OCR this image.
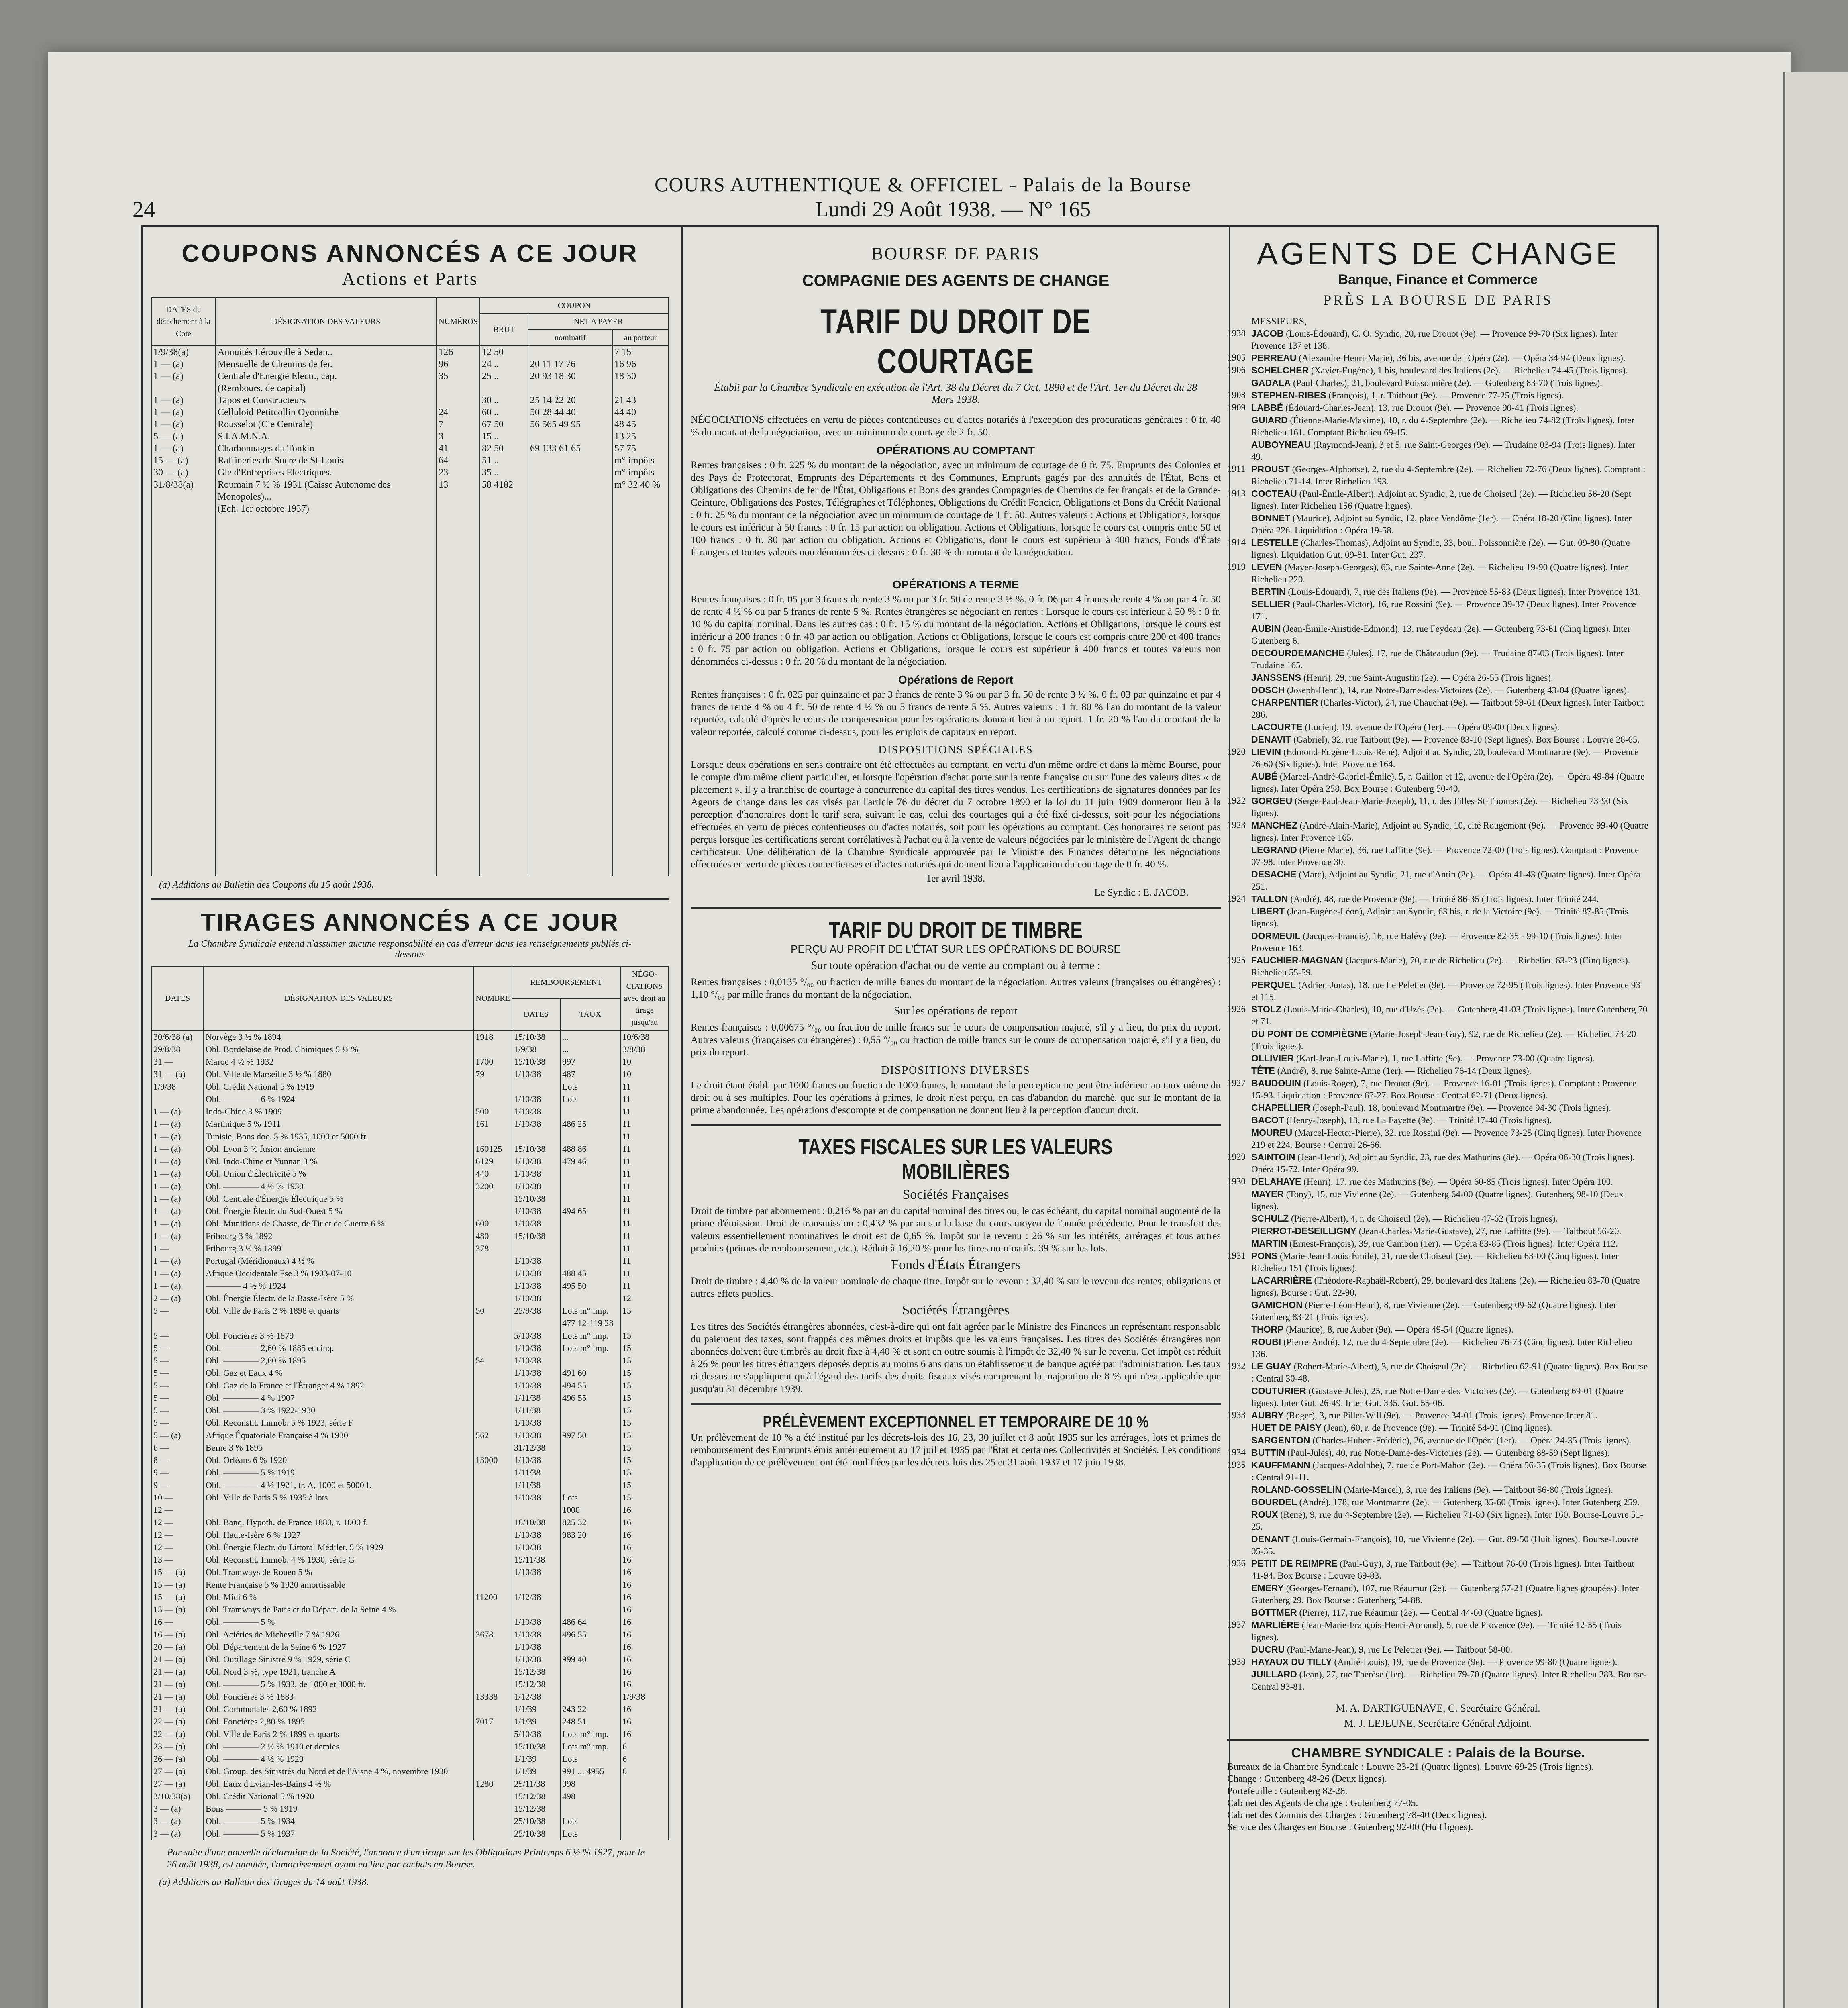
24
COURS AUTHENTIQUE & OFFICIEL - Palais de la Bourse
Lundi 29 Août 1938. — N° 165
COUPONS ANNONCÉS A CE JOUR
Actions et Parts
DATES du détachement à la Cote	DÉSIGNATION DES VALEURS	NUMÉROS	COUPON		
			BRUT	NET A PAYER	
				nominatif	au porteur
1/9/38(a)	Annuités Lérouville à Sedan..	126	12 50		7 15
1 — (a)	Mensuelle de Chemins de fer.	96	24 ..	20 11 17 76	16 96
1 — (a)	Centrale d'Energie Electr., cap.	35	25 ..	20 93 18 30	18 30
	(Rembours. de capital)				
1 — (a)	Tapos et Constructeurs		30 ..	25 14 22 20	21 43
1 — (a)	Celluloid Petitcollin Oyonnithe	24	60 ..	50 28 44 40	44 40
1 — (a)	Rousselot (Cie Centrale)	7	67 50	56 565 49 95	48 45
5 — (a)	S.I.A.M.N.A.	3	15 ..		13 25
1 — (a)	Charbonnages du Tonkin	41	82 50	69 133 61 65	57 75
15 — (a)	Raffineries de Sucre de St-Louis	64	51 ..		m° impôts
30 — (a)	Gle d'Entreprises Electriques.	23	35 ..		m° impôts

31/8/38(a)	Roumain 7 ½ % 1931 (Caisse Autonome des Monopoles)...	13	58 4182		m° 32 40 %
	(Ech. 1er octobre 1937)				

(a) Additions au Bulletin des Coupons du 15 août 1938.
TIRAGES ANNONCÉS A CE JOUR
La Chambre Syndicale entend n'assumer aucune responsabilité en cas d'erreur dans les renseignements publiés ci-dessous
DATES	DÉSIGNATION DES VALEURS	NOMBRE	REMBOURSEMENT		NÉGO-CIATIONS avec droit au tirage jusqu'au
			DATES	TAUX	
30/6/38 (a)	Norvège 3 ½ % 1894	1918	15/10/38	...	10/6/38
29/8/38	Obl. Bordelaise de Prod. Chimiques 5 ½ %		1/9/38	...	3/8/38
31 —	Maroc 4 ½ % 1932	1700	15/10/38	997	10
31 — (a)	Obl. Ville de Marseille 3 ½ % 1880	79	1/10/38	487	10
1/9/38	Obl. Crédit National 5 % 1919			Lots	11
	Obl. ———— 6 % 1924		1/10/38	Lots	11
1 — (a)	Indo-Chine 3 % 1909	500	1/10/38		11
1 — (a)	Martinique 5 % 1911	161	1/10/38	486 25	11
1 — (a)	Tunisie, Bons doc. 5 % 1935, 1000 et 5000 fr.				11
1 — (a)	Obl. Lyon 3 % fusion ancienne	160125	15/10/38	488 86	11
1 — (a)	Obl. Indo-Chine et Yunnan 3 %	6129	1/10/38	479 46	11
1 — (a)	Obl. Union d'Électricité 5 %	440	1/10/38		11
1 — (a)	Obl. ———— 4 ½ % 1930	3200	1/10/38		11
1 — (a)	Obl. Centrale d'Énergie Électrique 5 %		15/10/38		11
1 — (a)	Obl. Énergie Électr. du Sud-Ouest 5 %		1/10/38	494 65	11
1 — (a)	Obl. Munitions de Chasse, de Tir et de Guerre 6 %	600	1/10/38		11
1 — (a)	Fribourg 3 % 1892	480	15/10/38		11
1 —	Fribourg 3 ½ % 1899	378			11
1 — (a)	Portugal (Méridionaux) 4 ½ %		1/10/38		11
1 — (a)	Afrique Occidentale Fse 3 % 1903-07-10		1/10/38	488 45	11
1 — (a)	———— 4 ½ % 1924		1/10/38	495 50	11
2 — (a)	Obl. Énergie Électr. de la Basse-Isère 5 %		1/10/38		12
5 —	Obl. Ville de Paris 2 % 1898 et quarts	50	25/9/38	Lots m° imp.	15
				477 12-119 28	
5 —	Obl. Foncières 3 % 1879		5/10/38	Lots m° imp.	15
5 —	Obl. ———— 2,60 % 1885 et cinq.		1/10/38	Lots m° imp.	15
5 —	Obl. ———— 2,60 % 1895	54	1/10/38		15
5 —	Obl. Gaz et Eaux 4 %		1/10/38	491 60	15
5 —	Obl. Gaz de la France et l'Étranger 4 % 1892		1/10/38	494 55	15
5 —	Obl. ———— 4 % 1907		1/11/38	496 55	15
5 —	Obl. ———— 3 % 1922-1930		1/11/38		15
5 —	Obl. Reconstit. Immob. 5 % 1923, série F		1/10/38		15
5 — (a)	Afrique Équatoriale Française 4 % 1930	562	1/10/38	997 50	15
6 —	Berne 3 % 1895		31/12/38		15
8 —	Obl. Orléans 6 % 1920	13000	1/10/38		15
9 —	Obl. ———— 5 % 1919		1/11/38		15
9 —	Obl. ———— 4 ½ 1921, tr. A, 1000 et 5000 f.		1/11/38		15
10 —	Obl. Ville de Paris 5 % 1935 à lots		1/10/38	Lots	15
12 —				1000	16
12 —	Obl. Banq. Hypoth. de France 1880, r. 1000 f.		16/10/38	825 32	16
12 —	Obl. Haute-Isère 6 % 1927		1/10/38	983 20	16
12 —	Obl. Énergie Électr. du Littoral Médiler. 5 % 1929		1/10/38		16
13 —	Obl. Reconstit. Immob. 4 % 1930, série G		15/11/38		16
15 — (a)	Obl. Tramways de Rouen 5 %		1/10/38		16
15 — (a)	Rente Française 5 % 1920 amortissable				16
15 — (a)	Obl. Midi 6 %	11200	1/12/38		16
15 — (a)	Obl. Tramways de Paris et du Départ. de la Seine 4 %				16
16 —	Obl. ———— 5 %		1/10/38	486 64	16
16 — (a)	Obl. Aciéries de Micheville 7 % 1926	3678	1/10/38	496 55	16
20 — (a)	Obl. Département de la Seine 6 % 1927		1/10/38		16
21 — (a)	Obl. Outillage Sinistré 9 % 1929, série C		1/10/38	999 40	16
21 — (a)	Obl. Nord 3 %, type 1921, tranche A		15/12/38		16
21 — (a)	Obl. ———— 5 % 1933, de 1000 et 3000 fr.		15/12/38		16
21 — (a)	Obl. Foncières 3 % 1883	13338	1/12/38		1/9/38
21 — (a)	Obl. Communales 2,60 % 1892		1/1/39	243 22	16
22 — (a)	Obl. Foncières 2,80 % 1895	7017	1/1/39	248 51	16
22 — (a)	Obl. Ville de Paris 2 % 1899 et quarts		5/10/38	Lots m° imp.	16
23 — (a)	Obl. ———— 2 ½ % 1910 et demies		15/10/38	Lots m° imp.	6
26 — (a)	Obl. ———— 4 ½ % 1929		1/1/39	Lots	6
27 — (a)	Obl. Group. des Sinistrés du Nord et de l'Aisne 4 %, novembre 1930		1/1/39	991 ... 4955	6
27 — (a)	Obl. Eaux d'Evian-les-Bains 4 ½ %	1280	25/11/38	998	
3/10/38(a)	Obl. Crédit National 5 % 1920		15/12/38	498	
3 — (a)	Bons ———— 5 % 1919		15/12/38		
3 — (a)	Obl. ———— 5 % 1934		25/10/38	Lots	
3 — (a)	Obl. ———— 5 % 1937		25/10/38	Lots	
Par suite d'une nouvelle déclaration de la Société, l'annonce d'un tirage sur les Obligations Printemps 6 ½ % 1927, pour le 26 août 1938, est annulée, l'amortissement ayant eu lieu par rachats en Bourse.
(a) Additions au Bulletin des Tirages du 14 août 1938.
BOURSE DE PARIS
COMPAGNIE DES AGENTS DE CHANGE
TARIF DU DROIT DE COURTAGE
Établi par la Chambre Syndicale en exécution de l'Art. 38 du Décret du 7 Oct. 1890 et de l'Art. 1er du Décret du 28 Mars 1938.

NÉGOCIATIONS effectuées en vertu de pièces contentieuses ou d'actes notariés à l'exception des procurations générales : 0 fr. 40 % du montant de la négociation, avec un minimum de courtage de 2 fr. 50.

OPÉRATIONS AU COMPTANT

Rentes françaises : 0 fr. 225 % du montant de la négociation, avec un minimum de courtage de 0 fr. 75. Emprunts des Colonies et des Pays de Protectorat, Emprunts des Départements et des Communes, Emprunts gagés par des annuités de l'État, Bons et Obligations des Chemins de fer de l'État, Obligations et Bons des grandes Compagnies de Chemins de fer français et de la Grande-Ceinture, Obligations des Postes, Télégraphes et Téléphones, Obligations du Crédit Foncier, Obligations et Bons du Crédit National : 0 fr. 25 % du montant de la négociation avec un minimum de courtage de 1 fr. 50. Autres valeurs : Actions et Obligations, lorsque le cours est inférieur à 50 francs : 0 fr. 15 par action ou obligation. Actions et Obligations, lorsque le cours est compris entre 50 et 100 francs : 0 fr. 30 par action ou obligation. Actions et Obligations, dont le cours est supérieur à 400 francs, Fonds d'États Étrangers et toutes valeurs non dénommées ci-dessus : 0 fr. 30 % du montant de la négociation.

OPÉRATIONS A TERME

Rentes françaises : 0 fr. 05 par 3 francs de rente 3 % ou par 3 fr. 50 de rente 3 ½ %. 0 fr. 06 par 4 francs de rente 4 % ou par 4 fr. 50 de rente 4 ½ % ou par 5 francs de rente 5 %. Rentes étrangères se négociant en rentes : Lorsque le cours est inférieur à 50 % : 0 fr. 10 % du capital nominal. Dans les autres cas : 0 fr. 15 % du montant de la négociation. Actions et Obligations, lorsque le cours est inférieur à 200 francs : 0 fr. 40 par action ou obligation. Actions et Obligations, lorsque le cours est compris entre 200 et 400 francs : 0 fr. 75 par action ou obligation. Actions et Obligations, lorsque le cours est supérieur à 400 francs et toutes valeurs non dénommées ci-dessus : 0 fr. 20 % du montant de la négociation.

Opérations de Report

Rentes françaises : 0 fr. 025 par quinzaine et par 3 francs de rente 3 % ou par 3 fr. 50 de rente 3 ½ %. 0 fr. 03 par quinzaine et par 4 francs de rente 4 % ou 4 fr. 50 de rente 4 ½ % ou 5 francs de rente 5 %. Autres valeurs : 1 fr. 80 % l'an du montant de la valeur reportée, calculé d'après le cours de compensation pour les opérations donnant lieu à un report. 1 fr. 20 % l'an du montant de la valeur reportée, calculé comme ci-dessus, pour les emplois de capitaux en report.

DISPOSITIONS SPÉCIALES

Lorsque deux opérations en sens contraire ont été effectuées au comptant, en vertu d'un même ordre et dans la même Bourse, pour le compte d'un même client particulier, et lorsque l'opération d'achat porte sur la rente française ou sur l'une des valeurs dites « de placement », il y a franchise de courtage à concurrence du capital des titres vendus. Les certifications de signatures données par les Agents de change dans les cas visés par l'article 76 du décret du 7 octobre 1890 et la loi du 11 juin 1909 donneront lieu à la perception d'honoraires dont le tarif sera, suivant le cas, celui des courtages qui a été fixé ci-dessus, soit pour les négociations effectuées en vertu de pièces contentieuses ou d'actes notariés, soit pour les opérations au comptant. Ces honoraires ne seront pas perçus lorsque les certifications seront corrélatives à l'achat ou à la vente de valeurs négociées par le ministère de l'Agent de change certificateur. Une délibération de la Chambre Syndicale approuvée par le Ministre des Finances détermine les négociations effectuées en vertu de pièces contentieuses et d'actes notariés qui donnent lieu à l'application du courtage de 0 fr. 40 %.

1er avril 1938.

Le Syndic : E. JACOB.

TARIF DU DROIT DE TIMBRE
PERÇU AU PROFIT DE L'ÉTAT SUR LES OPÉRATIONS DE BOURSE
Sur toute opération d'achat ou de vente au comptant ou à terme :

Rentes françaises : 0,0135 °/₀₀ ou fraction de mille francs du montant de la négociation. Autres valeurs (françaises ou étrangères) : 1,10 °/₀₀ par mille francs du montant de la négociation.

Sur les opérations de report

Rentes françaises : 0,00675 °/₀₀ ou fraction de mille francs sur le cours de compensation majoré, s'il y a lieu, du prix du report. Autres valeurs (françaises ou étrangères) : 0,55 °/₀₀ ou fraction de mille francs sur le cours de compensation majoré, s'il y a lieu, du prix du report.

DISPOSITIONS DIVERSES

Le droit étant établi par 1000 francs ou fraction de 1000 francs, le montant de la perception ne peut être inférieur au taux même du droit ou à ses multiples. Pour les opérations à primes, le droit n'est perçu, en cas d'abandon du marché, que sur le montant de la prime abandonnée. Les opérations d'escompte et de compensation ne donnent lieu à la perception d'aucun droit.

TAXES FISCALES SUR LES VALEURS MOBILIÈRES
Sociétés Françaises

Droit de timbre par abonnement : 0,216 % par an du capital nominal des titres ou, le cas échéant, du capital nominal augmenté de la prime d'émission. Droit de transmission : 0,432 % par an sur la base du cours moyen de l'année précédente. Pour le transfert des valeurs essentiellement nominatives le droit est de 0,65 %. Impôt sur le revenu : 26 % sur les intérêts, arrérages et tous autres produits (primes de remboursement, etc.). Réduit à 16,20 % pour les titres nominatifs. 39 % sur les lots.

Fonds d'États Étrangers

Droit de timbre : 4,40 % de la valeur nominale de chaque titre. Impôt sur le revenu : 32,40 % sur le revenu des rentes, obligations et autres effets publics.

Sociétés Étrangères

Les titres des Sociétés étrangères abonnées, c'est-à-dire qui ont fait agréer par le Ministre des Finances un représentant responsable du paiement des taxes, sont frappés des mêmes droits et impôts que les valeurs françaises. Les titres des Sociétés étrangères non abonnées doivent être timbrés au droit fixe à 4,40 % et sont en outre soumis à l'impôt de 32,40 % sur le revenu. Cet impôt est réduit à 26 % pour les titres étrangers déposés depuis au moins 6 ans dans un établissement de banque agréé par l'administration. Les taux ci-dessus ne s'appliquent qu'à l'égard des tarifs des droits fiscaux visés comprenant la majoration de 8 % qui n'est applicable que jusqu'au 31 décembre 1939.

PRÉLÈVEMENT EXCEPTIONNEL ET TEMPORAIRE DE 10 %

Un prélèvement de 10 % a été institué par les décrets-lois des 16, 23, 30 juillet et 8 août 1935 sur les arrérages, lots et primes de remboursement des Emprunts émis antérieurement au 17 juillet 1935 par l'État et certaines Collectivités et Sociétés. Les conditions d'application de ce prélèvement ont été modifiées par les décrets-lois des 25 et 31 août 1937 et 17 juin 1938.

AGENTS DE CHANGE
Banque, Finance et Commerce
PRÈS LA BOURSE DE PARIS
MESSIEURS,
1938 JACOB (Louis-Édouard), C. O. Syndic, 20, rue Drouot (9e). — Provence 99-70 (Six lignes). Inter Provence 137 et 138.
1905 PERREAU (Alexandre-Henri-Marie), 36 bis, avenue de l'Opéra (2e). — Opéra 34-94 (Deux lignes).
1906 SCHELCHER (Xavier-Eugène), 1 bis, boulevard des Italiens (2e). — Richelieu 74-45 (Trois lignes).
GADALA (Paul-Charles), 21, boulevard Poissonnière (2e). — Gutenberg 83-70 (Trois lignes).
1908 STEPHEN-RIBES (François), 1, r. Taitbout (9e). — Provence 77-25 (Trois lignes).
1909 LABBÉ (Édouard-Charles-Jean), 13, rue Drouot (9e). — Provence 90-41 (Trois lignes).
GUIARD (Étienne-Marie-Maxime), 10, r. du 4-Septembre (2e). — Richelieu 74-82 (Trois lignes). Inter Richelieu 161. Comptant Richelieu 69-15.
AUBOYNEAU (Raymond-Jean), 3 et 5, rue Saint-Georges (9e). — Trudaine 03-94 (Trois lignes). Inter 49.
1911 PROUST (Georges-Alphonse), 2, rue du 4-Septembre (2e). — Richelieu 72-76 (Deux lignes). Comptant : Richelieu 71-14. Inter Richelieu 193.
1913 COCTEAU (Paul-Émile-Albert), Adjoint au Syndic, 2, rue de Choiseul (2e). — Richelieu 56-20 (Sept lignes). Inter Richelieu 156 (Quatre lignes).
BONNET (Maurice), Adjoint au Syndic, 12, place Vendôme (1er). — Opéra 18-20 (Cinq lignes). Inter Opéra 226. Liquidation : Opéra 19-58.
1914 LESTELLE (Charles-Thomas), Adjoint au Syndic, 33, boul. Poissonnière (2e). — Gut. 09-80 (Quatre lignes). Liquidation Gut. 09-81. Inter Gut. 237.
1919 LEVEN (Mayer-Joseph-Georges), 63, rue Sainte-Anne (2e). — Richelieu 19-90 (Quatre lignes). Inter Richelieu 220.
BERTIN (Louis-Édouard), 7, rue des Italiens (9e). — Provence 55-83 (Deux lignes). Inter Provence 131.
SELLIER (Paul-Charles-Victor), 16, rue Rossini (9e). — Provence 39-37 (Deux lignes). Inter Provence 171.
AUBIN (Jean-Émile-Aristide-Edmond), 13, rue Feydeau (2e). — Gutenberg 73-61 (Cinq lignes). Inter Gutenberg 6.
DECOURDEMANCHE (Jules), 17, rue de Châteaudun (9e). — Trudaine 87-03 (Trois lignes). Inter Trudaine 165.
JANSSENS (Henri), 29, rue Saint-Augustin (2e). — Opéra 26-55 (Trois lignes).
DOSCH (Joseph-Henri), 14, rue Notre-Dame-des-Victoires (2e). — Gutenberg 43-04 (Quatre lignes).
CHARPENTIER (Charles-Victor), 24, rue Chauchat (9e). — Taitbout 59-61 (Deux lignes). Inter Taitbout 286.
LACOURTE (Lucien), 19, avenue de l'Opéra (1er). — Opéra 09-00 (Deux lignes).
DENAVIT (Gabriel), 32, rue Taitbout (9e). — Provence 83-10 (Sept lignes). Box Bourse : Louvre 28-65.
1920 LIEVIN (Edmond-Eugène-Louis-René), Adjoint au Syndic, 20, boulevard Montmartre (9e). — Provence 76-60 (Six lignes). Inter Provence 164.
AUBÉ (Marcel-André-Gabriel-Émile), 5, r. Gaillon et 12, avenue de l'Opéra (2e). — Opéra 49-84 (Quatre lignes). Inter Opéra 258. Box Bourse : Gutenberg 50-40.
1922 GORGEU (Serge-Paul-Jean-Marie-Joseph), 11, r. des Filles-St-Thomas (2e). — Richelieu 73-90 (Six lignes).
1923 MANCHEZ (André-Alain-Marie), Adjoint au Syndic, 10, cité Rougemont (9e). — Provence 99-40 (Quatre lignes). Inter Provence 165.
LEGRAND (Pierre-Marie), 36, rue Laffitte (9e). — Provence 72-00 (Trois lignes). Comptant : Provence 07-98. Inter Provence 30.
DESACHE (Marc), Adjoint au Syndic, 21, rue d'Antin (2e). — Opéra 41-43 (Quatre lignes). Inter Opéra 251.
1924 TALLON (André), 48, rue de Provence (9e). — Trinité 86-35 (Trois lignes). Inter Trinité 244.
LIBERT (Jean-Eugène-Léon), Adjoint au Syndic, 63 bis, r. de la Victoire (9e). — Trinité 87-85 (Trois lignes).
DORMEUIL (Jacques-Francis), 16, rue Halévy (9e). — Provence 82-35 - 99-10 (Trois lignes). Inter Provence 163.
1925 FAUCHIER-MAGNAN (Jacques-Marie), 70, rue de Richelieu (2e). — Richelieu 63-23 (Cinq lignes). Richelieu 55-59.
PERQUEL (Adrien-Jonas), 18, rue Le Peletier (9e). — Provence 72-95 (Trois lignes). Inter Provence 93 et 115.
1926 STOLZ (Louis-Marie-Charles), 10, rue d'Uzès (2e). — Gutenberg 41-03 (Trois lignes). Inter Gutenberg 70 et 71.
DU PONT DE COMPIÈGNE (Marie-Joseph-Jean-Guy), 92, rue de Richelieu (2e). — Richelieu 73-20 (Trois lignes).
OLLIVIER (Karl-Jean-Louis-Marie), 1, rue Laffitte (9e). — Provence 73-00 (Quatre lignes).
TÊTE (André), 8, rue Sainte-Anne (1er). — Richelieu 76-14 (Deux lignes).
1927 BAUDOUIN (Louis-Roger), 7, rue Drouot (9e). — Provence 16-01 (Trois lignes). Comptant : Provence 15-93. Liquidation : Provence 67-27. Box Bourse : Central 62-71 (Deux lignes).
CHAPELLIER (Joseph-Paul), 18, boulevard Montmartre (9e). — Provence 94-30 (Trois lignes).
BACOT (Henry-Joseph), 13, rue La Fayette (9e). — Trinité 17-40 (Trois lignes).
MOUREU (Marcel-Hector-Pierre), 32, rue Rossini (9e). — Provence 73-25 (Cinq lignes). Inter Provence 219 et 224. Bourse : Central 26-66.
1929 SAINTOIN (Jean-Henri), Adjoint au Syndic, 23, rue des Mathurins (8e). — Opéra 06-30 (Trois lignes). Opéra 15-72. Inter Opéra 99.
1930 DELAHAYE (Henri), 17, rue des Mathurins (8e). — Opéra 60-85 (Trois lignes). Inter Opéra 100.
MAYER (Tony), 15, rue Vivienne (2e). — Gutenberg 64-00 (Quatre lignes). Gutenberg 98-10 (Deux lignes).
SCHULZ (Pierre-Albert), 4, r. de Choiseul (2e). — Richelieu 47-62 (Trois lignes).
PIERROT-DESEILLIGNY (Jean-Charles-Marie-Gustave), 27, rue Laffitte (9e). — Taitbout 56-20.
MARTIN (Ernest-François), 39, rue Cambon (1er). — Opéra 83-85 (Trois lignes). Inter Opéra 112.
1931 PONS (Marie-Jean-Louis-Émile), 21, rue de Choiseul (2e). — Richelieu 63-00 (Cinq lignes). Inter Richelieu 151 (Trois lignes).
LACARRIÈRE (Théodore-Raphaël-Robert), 29, boulevard des Italiens (2e). — Richelieu 83-70 (Quatre lignes). Bourse : Gut. 22-90.
GAMICHON (Pierre-Léon-Henri), 8, rue Vivienne (2e). — Gutenberg 09-62 (Quatre lignes). Inter Gutenberg 83-21 (Trois lignes).
THORP (Maurice), 8, rue Auber (9e). — Opéra 49-54 (Quatre lignes).
ROUBI (Pierre-André), 12, rue du 4-Septembre (2e). — Richelieu 76-73 (Cinq lignes). Inter Richelieu 136.
1932 LE GUAY (Robert-Marie-Albert), 3, rue de Choiseul (2e). — Richelieu 62-91 (Quatre lignes). Box Bourse : Central 30-48.
COUTURIER (Gustave-Jules), 25, rue Notre-Dame-des-Victoires (2e). — Gutenberg 69-01 (Quatre lignes). Inter Gut. 26-49. Inter Gut. 335. Gut. 55-06.
1933 AUBRY (Roger), 3, rue Pillet-Will (9e). — Provence 34-01 (Trois lignes). Provence Inter 81.
HUET DE PAISY (Jean), 60, r. de Provence (9e). — Trinité 54-91 (Cinq lignes).
SARGENTON (Charles-Hubert-Frédéric), 26, avenue de l'Opéra (1er). — Opéra 24-35 (Trois lignes).
1934 BUTTIN (Paul-Jules), 40, rue Notre-Dame-des-Victoires (2e). — Gutenberg 88-59 (Sept lignes).
1935 KAUFFMANN (Jacques-Adolphe), 7, rue de Port-Mahon (2e). — Opéra 56-35 (Trois lignes). Box Bourse : Central 91-11.
ROLAND-GOSSELIN (Marie-Marcel), 3, rue des Italiens (9e). — Taitbout 56-80 (Trois lignes).
BOURDEL (André), 178, rue Montmartre (2e). — Gutenberg 35-60 (Trois lignes). Inter Gutenberg 259.
ROUX (René), 9, rue du 4-Septembre (2e). — Richelieu 71-80 (Six lignes). Inter 160. Bourse-Louvre 51-25.
DENANT (Louis-Germain-François), 10, rue Vivienne (2e). — Gut. 89-50 (Huit lignes). Bourse-Louvre 05-35.
1936 PETIT DE REIMPRE (Paul-Guy), 3, rue Taitbout (9e). — Taitbout 76-00 (Trois lignes). Inter Taitbout 41-94. Box Bourse : Louvre 69-83.
EMERY (Georges-Fernand), 107, rue Réaumur (2e). — Gutenberg 57-21 (Quatre lignes groupées). Inter Gutenberg 29. Box Bourse : Gutenberg 54-88.
BOTTMER (Pierre), 117, rue Réaumur (2e). — Central 44-60 (Quatre lignes).
1937 MARLIÈRE (Jean-Marie-François-Henri-Armand), 5, rue de Provence (9e). — Trinité 12-55 (Trois lignes).
DUCRU (Paul-Marie-Jean), 9, rue Le Peletier (9e). — Taitbout 58-00.
1938 HAYAUX DU TILLY (André-Louis), 19, rue de Provence (9e). — Provence 99-80 (Quatre lignes).
JUILLARD (Jean), 27, rue Thérèse (1er). — Richelieu 79-70 (Quatre lignes). Inter Richelieu 283. Bourse-Central 93-81.
M. A. DARTIGUENAVE, C. Secrétaire Général.
M. J. LEJEUNE, Secrétaire Général Adjoint.
CHAMBRE SYNDICALE : Palais de la Bourse.
Bureaux de la Chambre Syndicale : Louvre 23-21 (Quatre lignes). Louvre 69-25 (Trois lignes).
Change : Gutenberg 48-26 (Deux lignes).
Portefeuille : Gutenberg 82-28.
Cabinet des Agents de change : Gutenberg 77-05.
Cabinet des Commis des Charges : Gutenberg 78-40 (Deux lignes).
Service des Charges en Bourse : Gutenberg 92-00 (Huit lignes).
